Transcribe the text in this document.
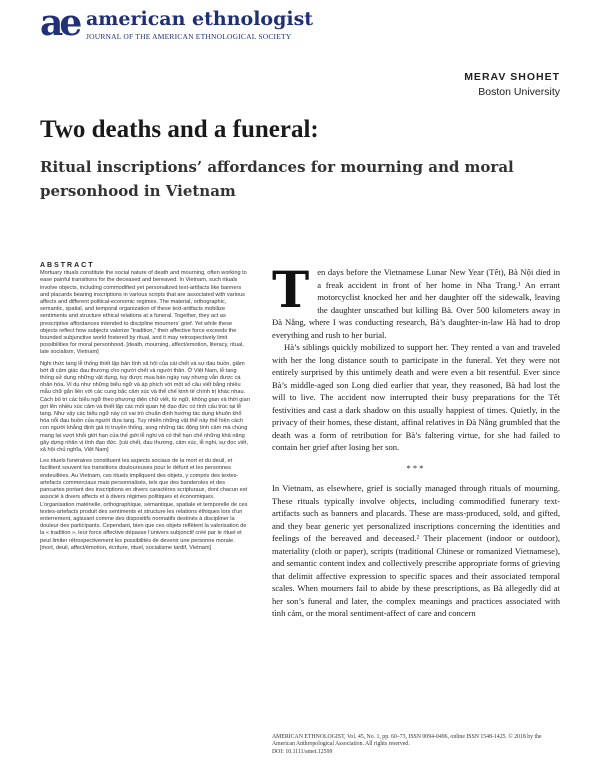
ae american ethnologist
JOURNAL OF THE AMERICAN ETHNOLOGICAL SOCIETY
MERAV SHOHET
Boston University
Two deaths and a funeral:
Ritual inscriptions’ affordances for mourning and moral personhood in Vietnam
ABSTRACT

Mortuary rituals constitute the social nature of death and mourning, often working to ease painful transitions for the deceased and bereaved. In Vietnam, such rituals involve objects, including commodified yet personalized text-artifacts like banners and placards bearing inscriptions in various scripts that are associated with various affects and different political-economic regimes. The material, orthographic, semantic, spatial, and temporal organization of these text-artifacts mobilize sentiments and structure ethical relations at a funeral. Together, they act as prescriptive affordances intended to discipline mourners’ grief. Yet while these objects reflect how subjects valorize “tradition,” their affective force exceeds the bounded subjunctive world fostered by ritual, and it may retrospectively limit possibilities for moral personhood. [death, mourning, affect/emotion, literacy, ritual, late socialism, Vietnam]

Nghi thức tang lễ thống thiết lập bản tính xã hội của cái chết và sự đau buồn, giảm bớt đi cảm giác đau thương cho người chết và người thân. Ở Việt Nam, lễ tang thống sử dụng những vật dụng, tuy được mua bán ngày nay nhưng vẫn được cá nhân hóa. Ví dụ như những biểu ngữ và áp phích với một số câu viết bằng nhiều mẫu chữ gắn liền với các cung bậc cảm xúc và thể chế kinh tế chính trị khác nhau. Cách bố trí các biểu ngữ theo phương diện chữ viết, từ ngữ, không gian và thời gian gợi lên nhiều xúc cảm và thiết lập các mối quan hệ đạo đức có tính cấu trúc tại lễ tang. Như vậy các biểu ngữ này có vai trò chuẩn định hướng tác dụng khuôn khổ hóa nỗi đau buồn của người đưa tang. Tuy nhiên những vật thể này thể hiện cách con người khẳng định giá trị truyền thống, song những tác động tình cảm mà chúng mang lại vượt khỏi giới hạn của thế giới lễ nghi và có thể hạn chế những khả năng gây dựng nhân vị tính đạo đức. [cái chết, đau thương, cảm xúc, lễ nghi, sự đọc viết, xã hội chủ nghĩa, Việt Nam]

Les rituels funéraires constituent les aspects sociaux de la mort et du deuil, et facilitent souvent les transitions douloureuses pour le défunt et les personnes endeuillées. Au Vietnam, ces rituels impliquent des objets, y compris des textes-artefacts commerciaux mais personnalisés, tels que des banderoles et des pancartes portant des inscriptions en divers caractères scripturaux, dont chacun est associé à divers affects et à divers régimes politiques et économiques. L’organisation matérielle, orthographique, sémantique, spatiale et temporelle de ces textes-artefacts produit des sentiments et structure les relations éthiques lors d’un enterrement, agissant comme des dispositifs normatifs destinés à discipliner la douleur des participants. Cependant, bien que ces objets reflètent la valorisation de la « tradition », leur force affective dépasse l’univers subjonctif créé par le rituel et peut limiter rétrospectivement les possibilités de devenir une personne morale. [mort, deuil, affect/émotion, écriture, rituel, socialisme tardif, Vietnam]

Ten days before the Vietnamese Lunar New Year (Tết), Bà Nội died in a freak accident in front of her home in Nha Trang.¹ An errant motorcyclist knocked her and her daughter off the sidewalk, leaving the daughter unscathed but killing Bà. Over 500 kilometers away in Đà Nẵng, where I was conducting research, Bà’s daughter-in-law Hà had to drop everything and rush to her burial.

Hà’s siblings quickly mobilized to support her. They rented a van and traveled with her the long distance south to participate in the funeral. Yet they were not entirely surprised by this untimely death and were even a bit resentful. Ever since Bà’s middle-aged son Long died earlier that year, they reasoned, Bà had lost the will to live. The accident now interrupted their busy preparations for the Tết festivities and cast a dark shadow on this usually happiest of times. Quietly, in the privacy of their homes, these distant, affinal relatives in Đà Nẵng grumbled that the death was a form of retribution for Bà’s faltering virtue, for she had failed to contain her grief after losing her son.

***

In Vietnam, as elsewhere, grief is socially managed through rituals of mourning. These rituals typically involve objects, including commodified funerary text-artifacts such as banners and placards. These are mass-produced, sold, and gifted, and they bear generic yet personalized inscriptions concerning the identities and feelings of the bereaved and deceased.² Their placement (indoor or outdoor), materiality (cloth or paper), scripts (traditional Chinese or romanized Vietnamese), and semantic content index and collectively prescribe appropriate forms of grieving that delimit affective expression to specific spaces and their associated temporal scales. When mourners fail to abide by these prescriptions, as Bà allegedly did at her son’s funeral and later, the complex meanings and practices associated with tình cảm, or the moral sentiment-affect of care and concern

AMERICAN ETHNOLOGIST, Vol. 45, No. 1, pp. 60–73, ISSN 0094-0496, online ISSN 1548-1425. © 2018 by the American Anthropological Association. All rights reserved.
DOI: 10.1111/amet.12599
